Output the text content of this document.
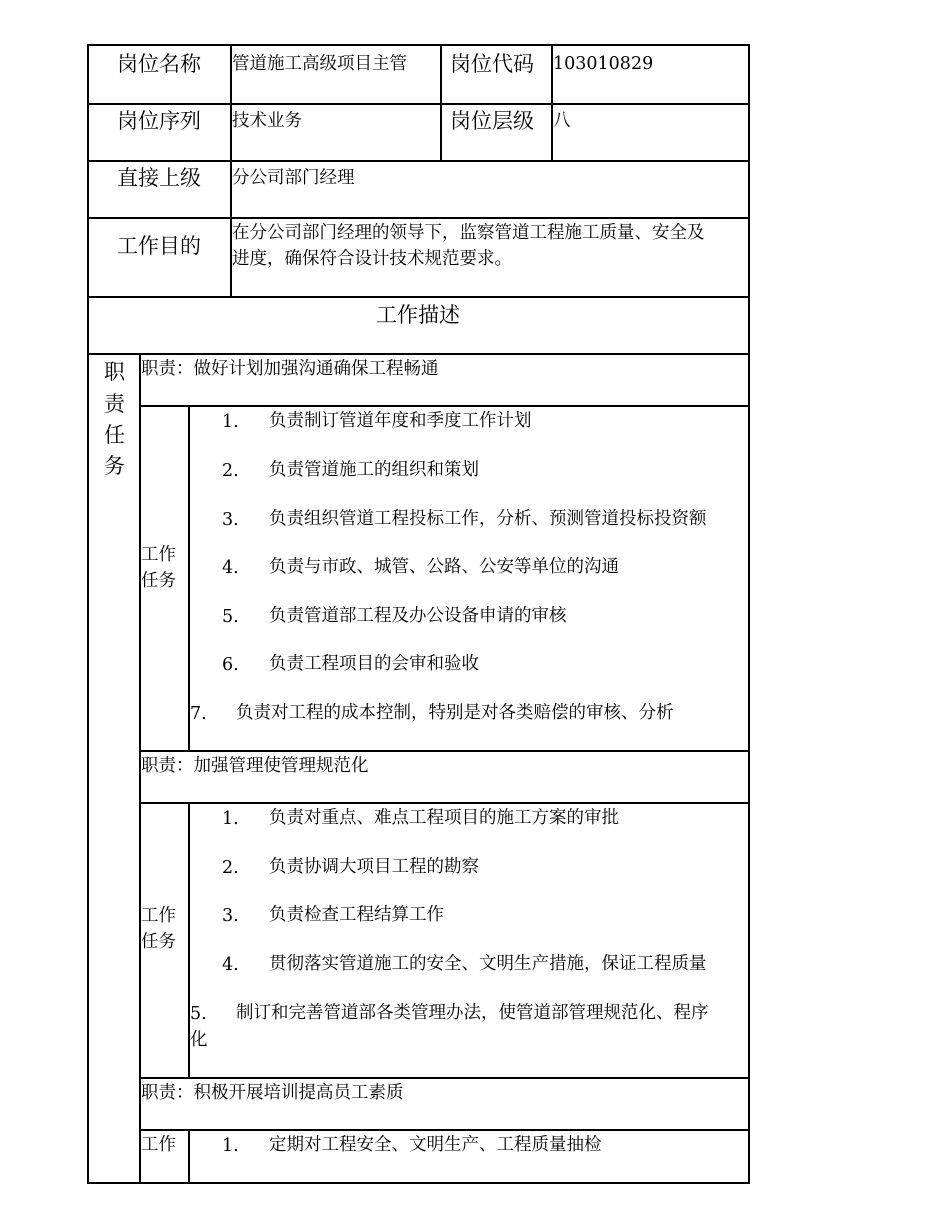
岗位名称 管道施工高级项目主管 岗位代码 103010829
岗位序列 技术业务	岗位层级 八
直接上级 分公司部门经理
工作目的
在分公司部门经理的领导下，监察管道工程施工质量、安全及
进度，确保符合设计技术规范要求。
工作描述
职
责
任
务
职责：做好计划加强沟通确保工程畅通
工作
任务
1. 负责制订管道年度和季度工作计划
2. 负责管道施工的组织和策划
3. 负责组织管道工程投标工作，分析、预测管道投标投资额
4. 负责与市政、城管、公路、公安等单位的沟通
5. 负责管道部工程及办公设备申请的审核
6. 负责工程项目的会审和验收
7. 负责对工程的成本控制，特别是对各类赔偿的审核、分析
职责：加强管理使管理规范化
工作
任务
1. 负责对重点、难点工程项目的施工方案的审批
2. 负责协调大项目工程的勘察
3. 负责检查工程结算工作
4. 贯彻落实管道施工的安全、文明生产措施，保证工程质量
5. 制订和完善管道部各类管理办法，使管道部管理规范化、程序
化
职责：积极开展培训提高员工素质
工作	1. 定期对工程安全、文明生产、工程质量抽检
